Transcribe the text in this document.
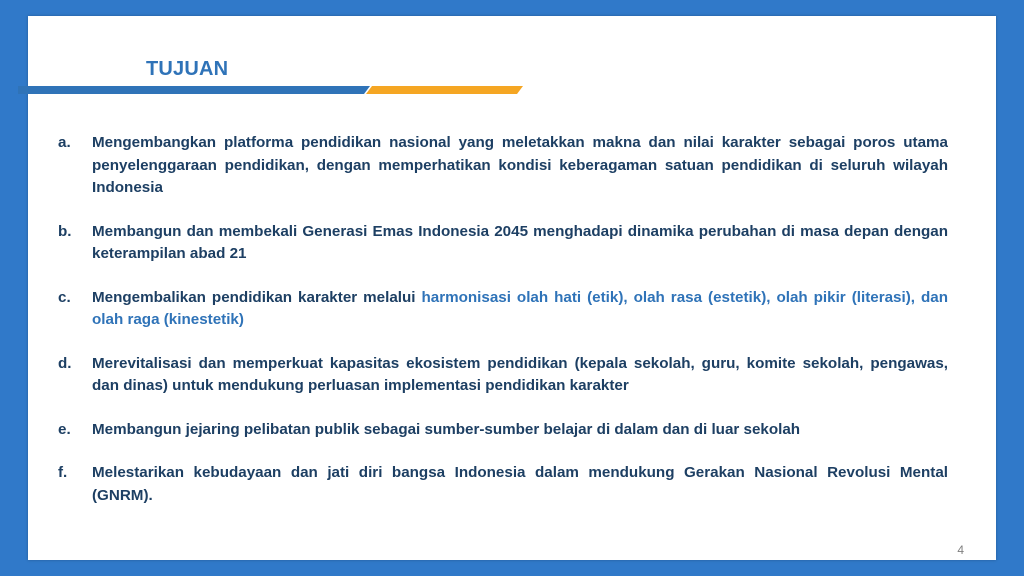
TUJUAN
a. Mengembangkan platforma pendidikan nasional yang meletakkan makna dan nilai karakter sebagai poros utama penyelenggaraan pendidikan, dengan memperhatikan kondisi keberagaman satuan pendidikan di seluruh wilayah Indonesia
b. Membangun dan membekali Generasi Emas Indonesia 2045 menghadapi dinamika perubahan di masa depan dengan keterampilan abad 21
c. Mengembalikan pendidikan karakter melalui harmonisasi olah hati (etik), olah rasa (estetik), olah pikir (literasi), dan olah raga (kinestetik)
d. Merevitalisasi dan memperkuat kapasitas ekosistem pendidikan (kepala sekolah, guru, komite sekolah, pengawas, dan dinas) untuk mendukung perluasan implementasi pendidikan karakter
e. Membangun jejaring pelibatan publik sebagai sumber-sumber belajar di dalam dan di luar sekolah
f. Melestarikan kebudayaan dan jati diri bangsa Indonesia dalam mendukung Gerakan Nasional Revolusi Mental (GNRM).
4
